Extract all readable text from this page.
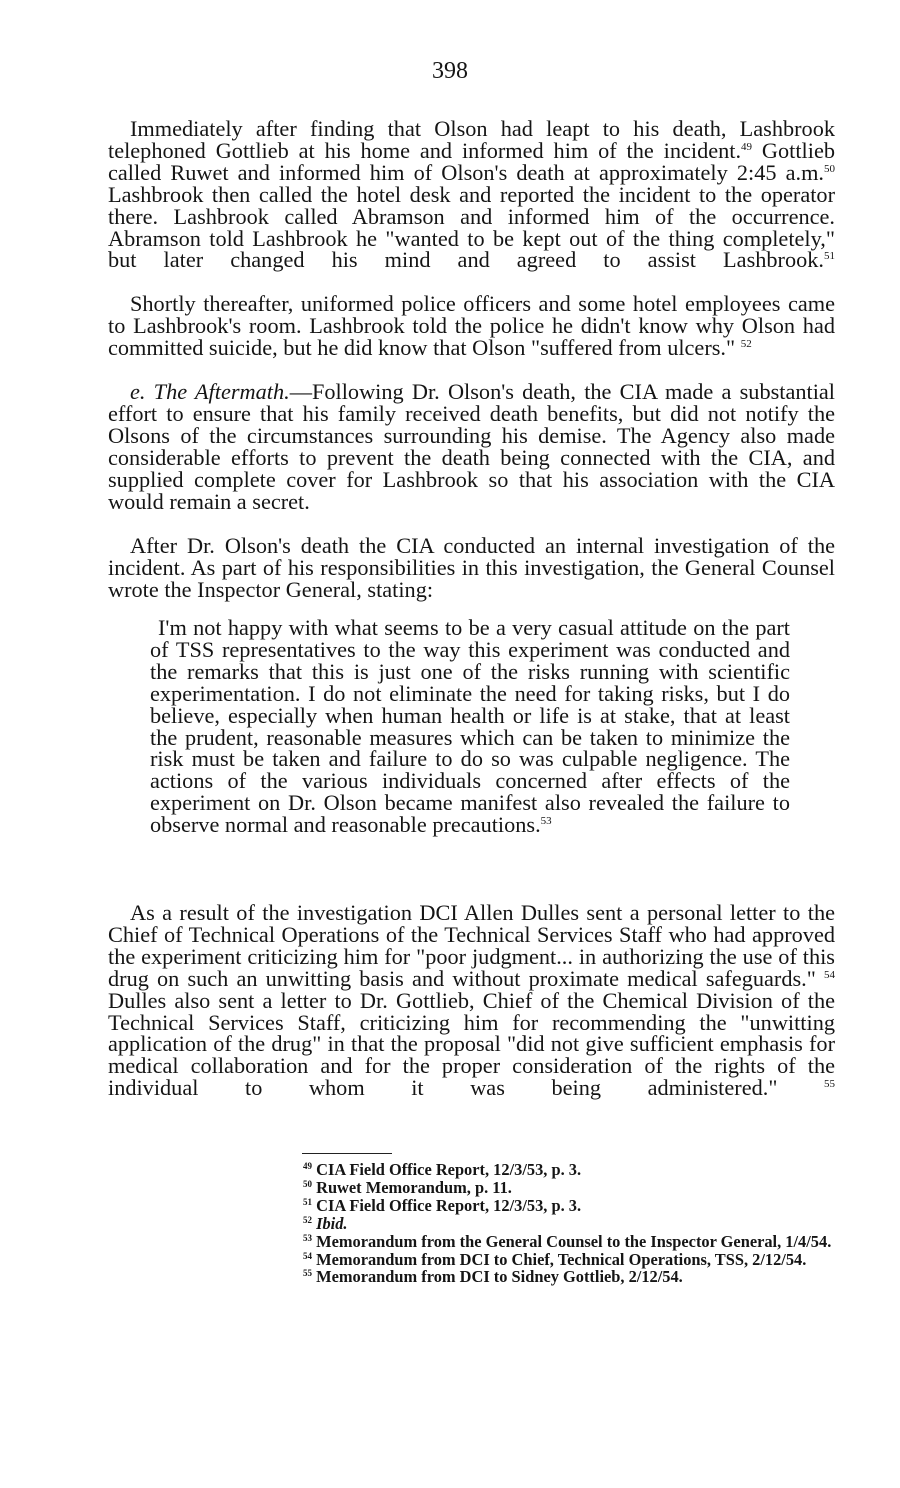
398
Immediately after finding that Olson had leapt to his death, Lashbrook telephoned Gottlieb at his home and informed him of the incident.$^{49}$ Gottlieb called Ruwet and informed him of Olson's death at approximately 2:45 a.m.$^{50}$ Lashbrook then called the hotel desk and reported the incident to the operator there. Lashbrook called Abramson and informed him of the occurrence. Abramson told Lashbrook he "wanted to be kept out of the thing completely," but later changed his mind and agreed to assist Lashbrook.$^{51}$
Shortly thereafter, uniformed police officers and some hotel employees came to Lashbrook's room. Lashbrook told the police he didn't know why Olson had committed suicide, but he did know that Olson "suffered from ulcers." $^{52}$
e. The Aftermath.—Following Dr. Olson's death, the CIA made a substantial effort to ensure that his family received death benefits, but did not notify the Olsons of the circumstances surrounding his demise. The Agency also made considerable efforts to prevent the death being connected with the CIA, and supplied complete cover for Lashbrook so that his association with the CIA would remain a secret.
After Dr. Olson's death the CIA conducted an internal investigation of the incident. As part of his responsibilities in this investigation, the General Counsel wrote the Inspector General, stating:
I'm not happy with what seems to be a very casual attitude on the part of TSS representatives to the way this experiment was conducted and the remarks that this is just one of the risks running with scientific experimentation. I do not eliminate the need for taking risks, but I do believe, especially when human health or life is at stake, that at least the prudent, reasonable measures which can be taken to minimize the risk must be taken and failure to do so was culpable negligence. The actions of the various individuals concerned after effects of the experiment on Dr. Olson became manifest also revealed the failure to observe normal and reasonable precautions.$^{53}$
As a result of the investigation DCI Allen Dulles sent a personal letter to the Chief of Technical Operations of the Technical Services Staff who had approved the experiment criticizing him for "poor judgment... in authorizing the use of this drug on such an unwitting basis and without proximate medical safeguards." $^{54}$ Dulles also sent a letter to Dr. Gottlieb, Chief of the Chemical Division of the Technical Services Staff, criticizing him for recommending the "unwitting application of the drug" in that the proposal "did not give sufficient emphasis for medical collaboration and for the proper consideration of the rights of the individual to whom it was being administered."	$^{55}$
$^{49}$ CIA Field Office Report, 12/3/53, p. 3.
$^{50}$ Ruwet Memorandum, p. 11.
$^{51}$ CIA Field Office Report, 12/3/53, p. 3.
$^{52}$ Ibid.
$^{53}$ Memorandum from the General Counsel to the Inspector General, 1/4/54.
$^{54}$ Memorandum from DCI to Chief, Technical Operations, TSS, 2/12/54.
$^{55}$ Memorandum from DCI to Sidney Gottlieb, 2/12/54.
